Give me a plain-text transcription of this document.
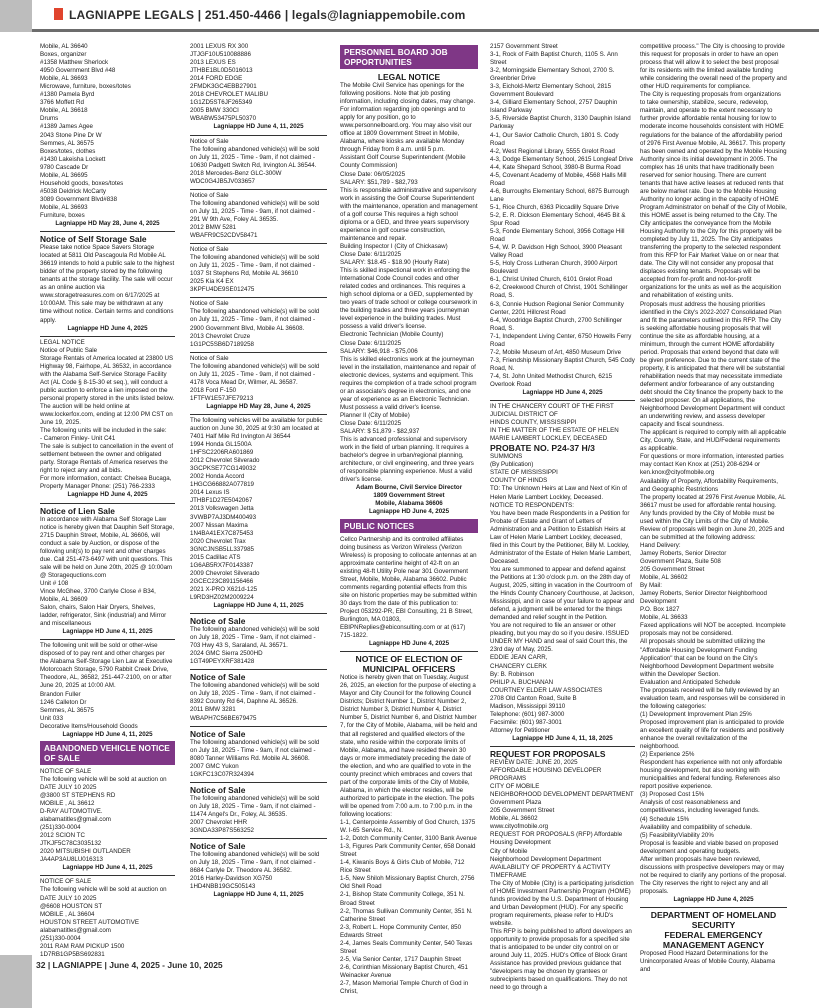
LAGNIAPPE LEGALS | 251.450-4466 | legals@lagniappemobile.com

Mobile, AL 36640

Boxes, organizer

#1358 Matthew Sherlock

4950 Government Blvd #48

Mobile, AL 36693

Microwave, furniture, boxes/totes

#1380 Pamela Byrd

3766 Moffett Rd

Mobile, AL 36618

Drums

#1389 James Agee

2043 Stone Pine Dr W

Semmes, AL 36575

Boxes/totes, clothes

#1430 Lakeisha Lockett

9780 Cascade Dr

Mobile, AL 36695

Household goods, boxes/totes

#5038 Deldrick McCarty

3089 Government Blvd#838

Mobile, AL 36693

Furniture, boxes

Lagniappe HD May 28, June 4, 2025

Notice of Self Storage Sale

Please take notice Space Savers Storage located at 5811 Old Pascagoula Rd Mobile AL 36619 intends to hold a public sale to the highest bidder of the property stored by the following tenants at the storage facility. The sale will occur as an online auction via www.storagetreasures.com on 6/17/2025 at 10:00AM. This sale may be withdrawn at any time without notice. Certain terms and conditions apply.

Lagniappe HD June 4, 2025

LEGAL NOTICE

Notice of Public Sale

Storage Rentals of America located at 23800 US Highway 98, Fairhope, AL 36532, in accordance with the Alabama Self-Service Storage Facility Act (AL Code § 8-15-30 et seq.), will conduct a public auction to enforce a lien imposed on the personal property stored in the units listed below. The auction will be held online at www.lockerfox.com, ending at 12:00 PM CST on June 19, 2025.

The following units will be included in the sale:

- Cameron Finley- Unit C41

The sale is subject to cancellation in the event of settlement between the owner and obligated party. Storage Rentals of America reserves the right to reject any and all bids.

For more information, contact: Chelsea Bucaga, Property Manager Phone: (251) 766-2333

Lagniappe HD June 4, 2025

Notice of Lien Sale

In accordance with Alabama Self Storage Law notice is hereby given that Dauphin Self Storage, 2715 Dauphin Street, Mobile, AL 36606, will conduct a sale by Auction, or dispose of the following unit(s) to pay rent and other charges due. Call 251-473-6497 with unit questions. This sale will be held on June 20th, 2025 @ 10:00am @ Storagequctions.com

Unit # 108

Vince McGhee, 3700 Carlyle Close # B34, Mobile, AL 36609

Salon, chairs, Salon Hair Dryers, Shelves, ladder, refrigerator, Sink (industrial) and Mirror and miscellaneous

Lagniappe HD June 4, 11, 2025

The following unit will be sold or other-wise disposed of to pay rent and other charges per the Alabama Self-Storage Lien Law at Executive Motorcoach Storage, 5790 Rabbit Creek Drive, Theodore, AL, 36582, 251-447-2100, on or after June 20, 2025 at 10:00 AM.

Brandon Fuller

1246 Calleton Dr

Semmes, AL 36575

Unit 033

Decorative Items/Household Goods

Lagniappe HD June 4, 11, 2025

ABANDONED VEHICLE NOTICE OF SALE

NOTICE OF SALE

The following vehicle will be sold at auction on DATE JULY 10 2025

@3800 ST STEPHENS RD

MOBILE , AL 36612

D-RAY AUTOMOTIVE.

alabamatitles@gmail.com

(251)330-0004

2012 SCION TC

JTKJF5C78C3035132

2020 MITSUBISHI OUTLANDER

JA4AP3AU8LU016313

Lagniappe HD June 4, 11, 2025

NOTICE OF SALE

The following vehicle will be sold at auction on DATE JULY 10 2025

@6608 HOUSTON ST

MOBILE , AL 36604

HOUSTON STREET AUTOMOTIVE

alabamatitles@gmail.com

(251)330-0004

2011 RAM RAM PICKUP 1500

1D7RB1GP5BS692831

2001 LEXUS RX 300

JTJGF10U510088886

2013 LEXUS ES

JTHBE1BL0D5016013

2014 FORD EDGE

2FMDK3GC4EBB27901

2018 CHEVROLET MALIBU

1G1ZD5ST6JF265349

2005 BMW 330CI

WBABW53475PL50370

Lagniappe HD June 4, 11, 2025

Notice of Sale

The following abandoned vehicle(s) will be sold on July 11, 2025 - Time - 9am, if not claimed - 10630 Padgett Switch Rd, Irvington AL 36544.

2018 Mercedes-Benz GLC-300W

WDC0G4JB5JV033657

Notice of Sale

The following abandoned vehicle(s) will be sold on July 11, 2025 - Time - 9am, if not claimed - 291 W 9th Ave, Foley AL 36535.

2012 BMW 5281

WBAFR9C52CDV58471

Notice of Sale

The following abandoned vehicle(s) will be sold on July 11, 2025 - Time - 9am, if not claimed - 1037 St Stephens Rd, Mobile AL 36610

2025 Kia K4 EX

3KPFU4DE9SE012475

Notice of Sale

The following abandoned vehicle(s) will be sold on July 11, 2025 - Time - 9am, if not claimed - 2900 Government Blvd, Mobile AL 36608.

2013 Chevrolet Cruze

1G1PC5SB6D7189258

Notice of Sale

The following abandoned vehicle(s) will be sold on July 11, 2025 - Time - 9am, if not claimed - 4178 Voca Mead Dr, Wilmer, AL 36587.

2018 Ford F-150

1FTFW1E57JFE79213

Lagniappe HD May 28, June 4, 2025

The following vehicles will be available for public auction on June 30, 2025 at 9:30 am located at 7401 Half Mile Rd Irvington Al 36544

1994 Honda GL1500A

1HFSC2206RA601869

2012 Chevrolet Silverado

3GCPKSE77CG149032

2002 Honda Accord

1HGCG66882A077819

2014 Lexus IS

JTHBF1D27E5042067

2013 Volkswagen Jetta

3VWBP7AJ3DM400493

2007 Nissan Maxima

1N4BA41EX7C875453

2020 Chevrolet Trax

3GNCJNSB5LL337985

2015 Cadillac ATS

1G6AB5RX7F0143387

2009 Chevrolet Silverado

2GCEC23C891156466

2021 X-PRO X621d-125

L9RD3HZ02M2009224

Lagniappe HD June 4, 11, 2025

Notice of Sale

The following abandoned vehicle(s) will be sold on July 18, 2025 - Time - 9am, if not claimed - 703 Hwy 43 S, Saraland, AL 36571.

2024 GMC Sierra 2500HD

1GT49PEYXRF381428

Notice of Sale

The following abandoned vehicle(s) will be sold on July 18, 2025 - Time - 9am, if not claimed - 8392 County Rd 64, Daphne AL 36526.

2011 BMW 3281

WBAPH7C56BE679475

Notice of Sale

The following abandoned vehicle(s) will be sold on July 18, 2025 - Time - 9am, if not claimed - 8080 Tanner Williams Rd. Mobile AL 36608.

2007 GMC Yukon

1GKFC13C07R324394

Notice of Sale

The following abandoned vehicle(s) will be sold on July 18, 2025 - Time - 9am, if not claimed - 11474 Angel's Dr., Foley, AL 36535.

2007 Chevrolet HHR

3GNDA33P87S563252

Notice of Sale

The following abandoned vehicle(s) will be sold on July 18, 2025 - Time - 9am, if not claimed - 8684 Carlyle Dr. Theodore AL 36582.

2016 Harley-Davidson XG750

1HD4NBB19GC505143

Lagniappe HD June 4, 11, 2025

PERSONNEL BOARD JOB OPPORTUNITIES

LEGAL NOTICE

The Mobile Civil Service has openings for the following positions. Note that job posting information, including closing dates, may change. For information regarding job openings and to apply for any position, go to www.personnelboard.org. You may also visit our office at 1809 Government Street in Mobile, Alabama, where kiosks are available Monday through Friday from 8 a.m. until 5 p.m.

Assistant Golf Course Superintendent (Mobile County Commission)

Close Date: 06/05/2025

SALARY: $51,789 - $82,793

This is responsible administrative and supervisory work in assisting the Golf Course Superintendent with the maintenance, operation and management of a golf course This requires a high school diploma or a GED, and three years supervisory experience in golf course construction, maintenance and repair.

Building Inspector I (City of Chickasaw)

Close Date: 6/11/2025

SALARY: $18.45 - $18.90 (Hourly Rate)

This is skilled inspectional work in enforcing the International Code Council codes and other related codes and ordinances. This requires a high school diploma or a GED, supplemented by two years of trade school or college coursework in the building trades and three years journeyman level experience in the building trades. Must possess a valid driver's license.

Electronic Technician (Mobile County)

Close Date: 6/11/2025

SALARY: $46,918 - $75,006

This is skilled electronics work at the journeyman level in the installation, maintenance and repair of electronic devices, systems and equipment. This requires the completion of a trade school program or an associate's degree in electronics, and one year of experience as an Electronic Technician. Must possess a valid driver's license.

Planner II (City of Mobile)

Close Date: 6/11/2025

SALARY: $ 51,879 - $82,937

This is advanced professional and supervisory work in the field of urban planning. It requires a bachelor's degree in urban/regional planning, architecture, or civil engineering, and three years of responsible planning experience. Must a valid driver's license.

Adam Bourne, Civil Service Director

1809 Government Street

Mobile, Alabama 36606

Lagniappe HD June 4, 2025

PUBLIC NOTICES

Cellco Partnership and its controlled affiliates doing business as Verizon Wireless (Verizon Wireless) is proposing to collocate antennas at an approximate centerline height of 42-ft on an existing 48-ft Utility Pole near 301 Government Street, Mobile, Mobile, Alabama 36602. Public comments regarding potential effects from this site on historic properties may be submitted within 30 days from the date of this publication to: Project 053292-PR, EBI Consulting, 21 B Street, Burlington, MA 01803, EBIPNReplies@ebiconsulting.com or at (617) 715-1822.

Lagniappe HD June 4, 2025

NOTICE OF ELECTION OF MUNICIPAL OFFICERS

Notice is hereby given that on Tuesday, August 26, 2025, an election for the purpose of electing a Mayor and City Council for the following Council Districts; District Number 1, District Number 2, District Number 3, District Number 4, District Number 5, District Number 6, and District Number 7, for the City of Mobile, Alabama, will be held and that all registered and qualified electors of the state, who reside within the corporate limits of Mobile, Alabama, and have resided therein 30 days or more immediately preceding the date of the election, and who are qualified to vote in the county precinct which embraces and covers that part of the corporate limits of the City of Mobile, Alabama, in which the elector resides, will be authorized to participate in the election. The polls will be opened from 7:00 a.m. to 7:00 p.m. in the following locations:

1-1, Centerpointe Assembly of God Church, 1375 W. I-65 Service Rd., N.

1-2, Dotch Community Center, 3100 Bank Avenue

1-3, Figures Park Community Center, 658 Donald Street

1-4, Kiwanis Boys & Girls Club of Mobile, 712 Rice Street

1-5, New Shiloh Missionary Baptist Church, 2756 Old Shell Road

2-1, Bishop State Community College, 351 N. Broad Street

2-2, Thomas Sullivan Community Center, 351 N. Catherine Street

2-3, Robert L. Hope Community Center, 850 Edwards Street

2-4, James Seals Community Center, 540 Texas Street

2-5, Via Senior Center, 1717 Dauphin Street

2-6, Corinthian Missionary Baptist Church, 451 Weinacker Avenue

2-7, Mason Memorial Temple Church of God in Christ,

2157 Government Street

3-1, Rock of Faith Baptist Church, 1105 S. Ann Street

3-2, Morningside Elementary School, 2700 S. Greenbrier Drive

3-3, Eichold-Mertz Elementary School, 2815 Government Boulevard

3-4, Gilliard Elementary School, 2757 Dauphin Island Parkway

3-5, Riverside Baptist Church, 3130 Dauphin Island Parkway

4-1, Our Savior Catholic Church, 1801 S. Cody Road

4-2, West Regional Library, 5555 Grelot Road

4-3, Dodge Elementary School, 2615 Longleaf Drive

4-4, Kate Shepard School, 3980-B Burma Road

4-5, Covenant Academy of Mobile, 4568 Halls Mill Road

4-6, Burroughs Elementary School, 6875 Burrough Lane

5-1, Rice Church, 6363 Piccadilly Square Drive

5-2, E. R. Dickson Elementary School, 4645 Bit & Spur Road

5-3, Fonde Elementary School, 3956 Cottage Hill Road

5-4, W. P. Davidson High School, 3900 Pleasant Valley Road

5-5, Holy Cross Lutheran Church, 3900 Airport Boulevard

6-1, Christ United Church, 6101 Grelot Road

6-2, Creekwood Church of Christ, 1901 Schillinger Road, S.

6-3, Connie Hudson Regional Senior Community Center, 2201 Hillcrest Road

6-4, Woodridge Baptist Church, 2700 Schillinger Road, S.

7-1, Independent Living Center, 6750 Howells Ferry Road

7-2, Mobile Museum of Art, 4850 Museum Drive

7-3, Friendship Missionary Baptist Church, 545 Cody Road, N.

7-4, St. John United Methodist Church, 6215 Overlook Road

Lagniappe HD June 4, 2025

IN THE CHANCERY COURT OF THE FIRST JUDICIAL DISTRICT OF

HINDS COUNTY, MISSISSIPPI

IN THE MATTER OF THE ESTATE OF HELEN MARIE LAMBERT LOCKLEY, DECEASED

PROBATE NO. P24-37 H/3

SUMMONS

(By Publication)

STATE OF MISSISSIPPI

COUNTY OF HINDS

TO: The Unknown Heirs at Law and Next of Kin of Helen Marie Lambert Lockley, Deceased.

NOTICE TO RESPONDENTS:

You have been made Respondents in a Petition for Probate of Estate and Grant of Letters of Administration and a Petition to Establish Heirs at Law of Helen Marie Lambert Lockley, deceased, filed in this Court by the Petitioner, Billy M. Lockley, Administrator of the Estate of Helen Marie Lambert, Deceased.

You are summoned to appear and defend against the Petitions at 1:30 o'clock p.m. on the 28th day of August, 2025, sitting in vacation in the Courtroom of the Hinds County Chancery Courthouse, at Jackson, Mississippi, and in case of your failure to appear and defend, a judgment will be entered for the things demanded and relief sought in the Petition.

You are not required to file an answer or other pleading, but you may do so if you desire. ISSUED UNDER MY HAND and seal of said Court this, the 23rd day of May, 2025.

EDDIE JEAN CARR,

CHANCERY CLERK

By: B. Robinson

PHILIP A. BUCHANAN

COURTNEY ELDER LAW ASSOCIATES

2708 Old Canton Road, Suite B

Madison, Mississippi 39110

Telephone: (601) 987-3000

Facsimile: (601) 987-3001

Attorney for Petitioner

Lagniappe HD June 4, 11, 18, 2025

REQUEST FOR PROPOSALS

REVIEW DATE: JUNE 20, 2025

AFFORDABLE HOUSING DEVELOPER PROGRAMS

CITY OF MOBILE

NEIGHBORHOOD DEVELOPMENT DEPARTMENT

Government Plaza

205 Government Street

Mobile, AL 36602

www.cityofmobile.org

REQUEST FOR PROPOSALS (RFP) Affordable Housing Development

City of Mobile

Neighborhood Development Department

AVAILABILITY OF PROPERTY & ACTIVITY TIMEFRAME

The City of Mobile (City) is a participating jurisdiction of HOME Investment Partnership Program (HOME) funds provided by the U.S. Department of Housing and Urban Development (HUD). For any specific program requirements, please refer to HUD's website.

This RFP is being published to afford developers an opportunity to provide proposals for a specified site that is anticipated to be under city control on or around July 11, 2025. HUD's Office of Block Grant Assistance has provided previous guidance that "developers may be chosen by grantees or subrecipients based on qualifications. They do not need to go through a

competitive process." The City is choosing to provide this request for proposals in order to have an open process that will allow it to select the best proposal for its residents with the limited available funding while considering the overall need of the property and other HUD requirements for compliance.

The City is requesting proposals from organizations to take ownership, stabilize, secure, redevelop, maintain, and operate to the extent necessary to further provide affordable rental housing for low to moderate income households consistent with HOME regulations for the balance of the affordability period of 2976 First Avenue Mobile, AL 36617. This property has been owned and operated by the Mobile Housing Authority since its initial development in 2005. The complex has 16 units that have traditionally been reserved for senior housing. There are current tenants that have active leases at reduced rents that are below market rate. Due to the Mobile Housing Authority no longer acting in the capacity of HOME Program Administrator on behalf of the City of Mobile, this HOME asset is being returned to the City. The City anticipates the conveyance from the Mobile Housing Authority to the City for this property will be completed by July 11, 2025. The City anticipates transferring the property to the selected respondent from this RFP for Fair Market Value on or near that date. The City will not consider any proposal that displaces existing tenants. Proposals will be accepted from for-profit and not-for-profit organizations for the units as well as the acquisition and rehabilitation of existing units.

Proposals must address the housing priorities identified in the City's 2022-2027 Consolidated Plan and fit the parameters outlined in this RFP. The City is seeking affordable housing proposals that will continue the site as affordable housing, at a minimum, through the current HOME affordability period. Proposals that extend beyond that date will be given preference. Due to the current state of the property, it is anticipated that there will be substantial rehabilitation needs that may necessitate immediate deferment and/or forbearance of any outstanding debt should the City finance the property back to the selected proposer. On all applications, the Neighborhood Development Department will conduct an underwriting review, and assess developer capacity and fiscal soundness.

The applicant is required to comply with all applicable City, County, State, and HUD/Federal requirements as applicable.

For questions or more information, interested parties may contact Ken Knox at (251) 208-6294 or ken.knox@cityofmobile.org

Availability of Property, Affordability Requirements, and Geographic Restrictions

The property located at 2976 First Avenue Mobile, AL 36617 must be used for affordable rental housing.

Any funds provided by the City of Mobile must be used within the City Limits of the City of Mobile. Review of proposals will begin on June 20, 2025 and can be submitted at the following address:

Hand Delivery:

Jamey Roberts, Senior Director

Government Plaza, Suite 508

205 Government Street

Mobile, AL 36602

By Mail:

Jamey Roberts, Senior Director Neighborhood Development

P.O. Box 1827

Mobile, AL 36633

Faxed applications will NOT be accepted. Incomplete proposals may not be considered.

All proposals should be submitted utilizing the "Affordable Housing Development Funding Application" that can be found on the City's Neighborhood Development Department website within the Developer Section.

Evaluation and Anticipated Schedule

The proposals received will be fully reviewed by an evaluation team, and responses will be considered in the following categories:

(1) Development Improvement Plan 25%

Proposed improvement plan is anticipated to provide an excellent quality of life for residents and positively enhance the overall revitalization of the neighborhood.

(2) Experience 25%

Respondent has experience with not only affordable housing development, but also working with municipalities and federal funding. References also report positive experience.

(3) Proposed Cost 15%

Analysis of cost reasonableness and competitiveness, including leveraged funds.

(4) Schedule 15%

Availability and compatibility of schedule.

(5) Feasibility/Viability 20%

Proposal is feasible and viable based on proposed development and operating budgets.

After written proposals have been reviewed, discussions with prospective developers may or may not be required to clarify any portions of the proposal. The City reserves the right to reject any and all proposals.

Lagniappe HD June 4, 2025

DEPARTMENT OF HOMELAND SECURITY

FEDERAL EMERGENCY MANAGEMENT AGENCY

Proposed Flood Hazard Determinations for the Unincorporated Areas of Mobile County, Alabama and

32 | LAGNIAPPE | June 4, 2025 - June 10, 2025
